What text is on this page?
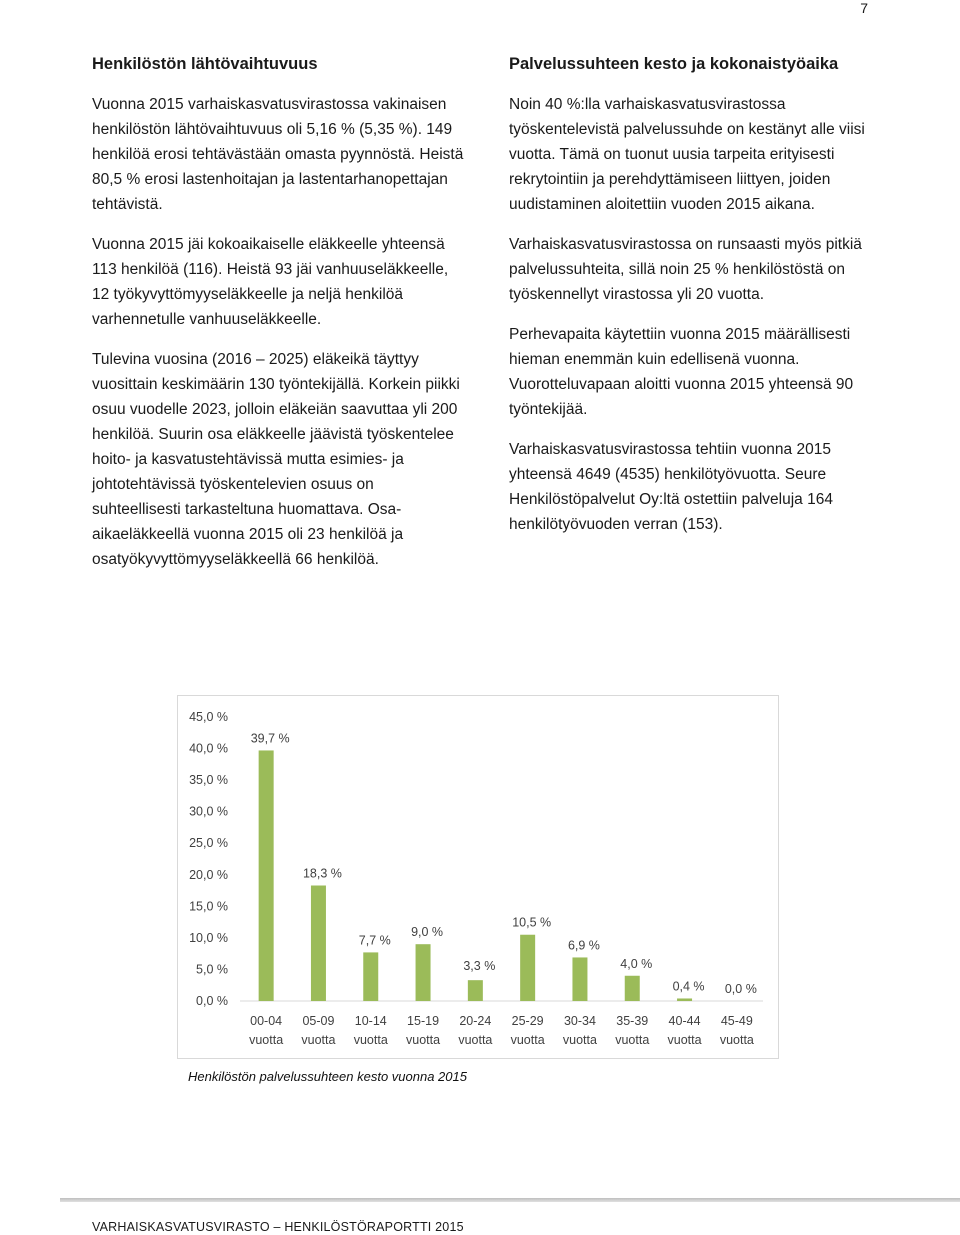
7
Henkilöstön lähtövaihtuvuus

Vuonna 2015 varhaiskasvatusvirastossa vakinaisen henkilöstön lähtövaihtuvuus oli 5,16 % (5,35 %). 149 henkilöä erosi tehtävästään omasta pyynnöstä. Heistä 80,5 % erosi lastenhoitajan ja lastentarhanopettajan tehtävistä.

Vuonna 2015 jäi kokoaikaiselle eläkkeelle yhteensä 113 henkilöä (116). Heistä 93 jäi vanhuuseläkkeelle, 12 työkyvyttömyyseläkkeelle ja neljä henkilöä varhennetulle vanhuuseläkkeelle.

Tulevina vuosina (2016 – 2025) eläkeikä täyttyy vuosittain keskimäärin 130 työntekijällä. Korkein piikki osuu vuodelle 2023, jolloin eläkeiän saavuttaa yli 200 henkilöä. Suurin osa eläkkeelle jäävistä työskentelee hoito- ja kasvatustehtävissä mutta esimies- ja johtotehtävissä työskentelevien osuus on suhteellisesti tarkasteltuna huomattava. Osa-aikaeläkkeellä vuonna 2015 oli 23 henkilöä ja osatyökyvyttömyyseläkkeellä 66 henkilöä.

Palvelussuhteen kesto ja kokonaistyöaika

Noin 40 %:lla varhaiskasvatusvirastossa työskentelevistä palvelussuhde on kestänyt alle viisi vuotta. Tämä on tuonut uusia tarpeita erityisesti rekrytointiin ja perehdyttämiseen liittyen, joiden uudistaminen aloitettiin vuoden 2015 aikana.

Varhaiskasvatusvirastossa on runsaasti myös pitkiä palvelussuhteita, sillä noin 25 % henkilöstöstä on työskennellyt virastossa yli 20 vuotta.

Perhevapaita käytettiin vuonna 2015 määrällisesti hieman enemmän kuin edellisenä vuonna. Vuorotteluvapaan aloitti vuonna 2015 yhteensä 90 työntekijää.

Varhaiskasvatusvirastossa tehtiin vuonna 2015 yhteensä 4649 (4535) henkilötyövuotta. Seure Henkilöstöpalvelut Oy:ltä ostettiin palveluja 164 henkilötyövuoden verran (153).

0,0 %
5,0 %
10,0 %
15,0 %
20,0 %
25,0 %
30,0 %
35,0 %
40,0 %
45,0 %
39,7 %
00-04
vuotta
18,3 %
05-09
vuotta
7,7 %
10-14
vuotta
9,0 %
15-19
vuotta
3,3 %
20-24
vuotta
10,5 %
25-29
vuotta
6,9 %
30-34
vuotta
4,0 %
35-39
vuotta
0,4 %
40-44
vuotta
0,0 %
45-49
vuotta
Henkilöstön palvelussuhteen kesto vuonna 2015
VARHAISKASVATUSVIRASTO – HENKILÖSTÖRAPORTTI 2015
